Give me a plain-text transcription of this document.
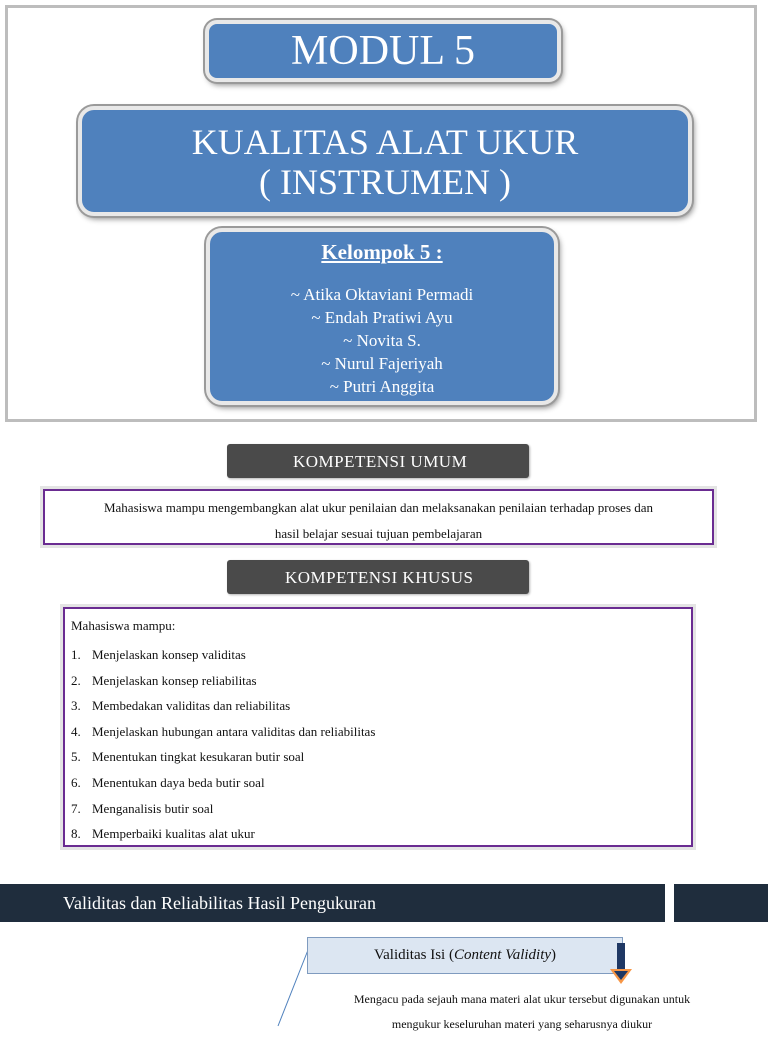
MODUL 5
KUALITAS ALAT UKUR
( INSTRUMEN )
Kelompok 5 :
~ Atika Oktaviani Permadi
~ Endah Pratiwi Ayu
~ Novita S.
~ Nurul Fajeriyah
~ Putri Anggita
KOMPETENSI UMUM
Mahasiswa mampu mengembangkan alat ukur penilaian dan melaksanakan penilaian terhadap proses dan
hasil belajar sesuai tujuan pembelajaran
KOMPETENSI KHUSUS
Mahasiswa mampu:
1. Menjelaskan konsep validitas
2. Menjelaskan konsep reliabilitas
3. Membedakan validitas dan reliabilitas
4. Menjelaskan hubungan antara validitas dan reliabilitas
5. Menentukan tingkat kesukaran butir soal
6. Menentukan daya beda butir soal
7. Menganalisis butir soal
8. Memperbaiki kualitas alat ukur
Validitas dan Reliabilitas Hasil Pengukuran
Validitas Isi (Content Validity)
Mengacu pada sejauh mana materi alat ukur tersebut digunakan untuk
mengukur keseluruhan materi yang seharusnya diukur
